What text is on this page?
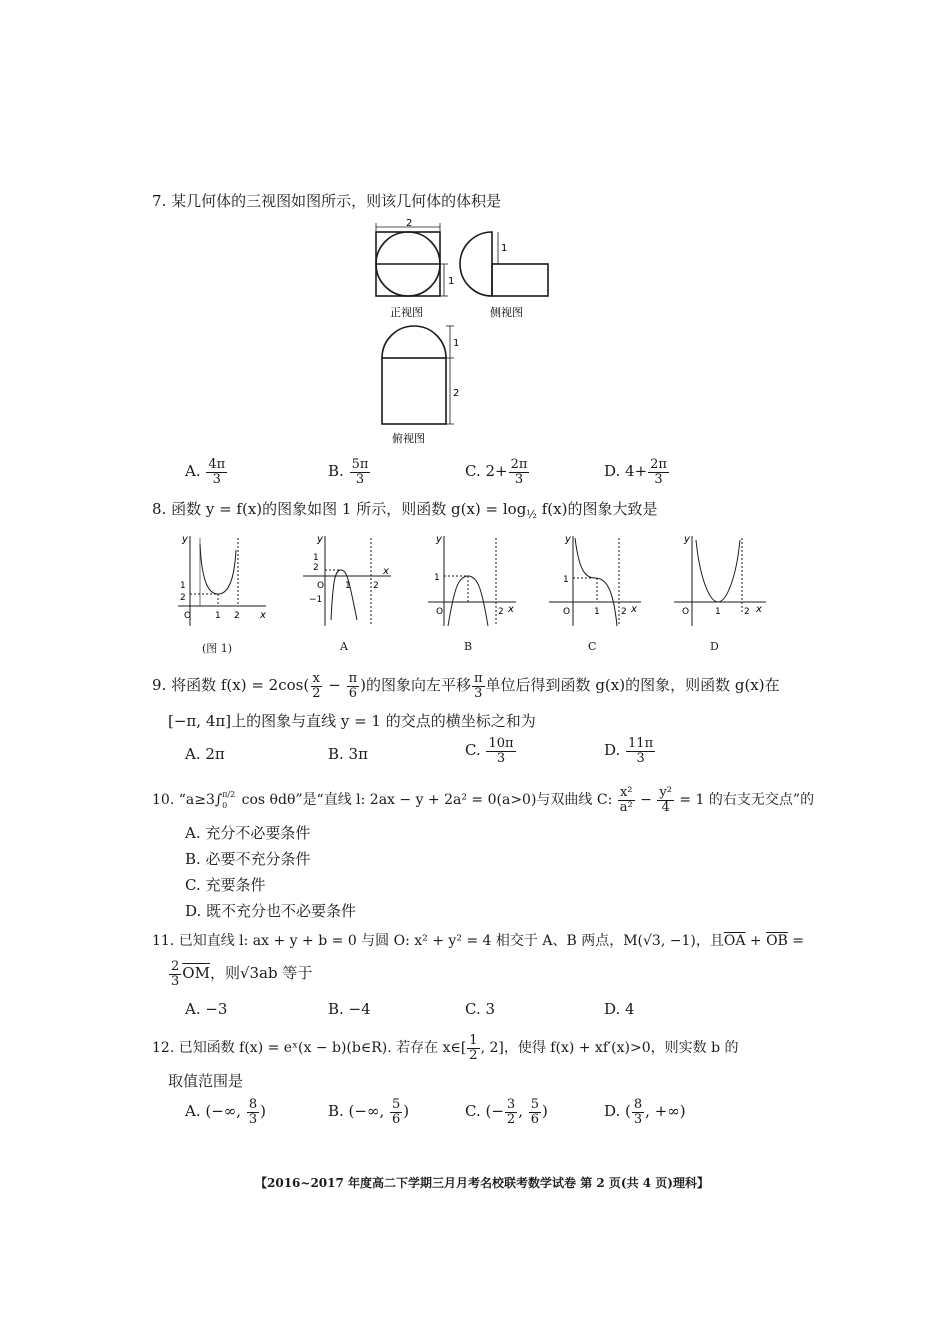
7. 某几何体的三视图如图所示，则该几何体的体积是
2
1
1
正视图	侧视图
1
2
俯视图
A. $\frac{4\pi}{3}$	B. $\frac{5\pi}{3}$	C. $2+ \frac{2\pi}{3}$	D. $4+ \frac{2\pi}{3}$
8. 函数 y = f(x)的图象如图 1 所示，则函数 $g(x) = \log_{\frac{1}{2}} f(x)$的图象大致是
y
x
O	1 2
1
2
(图 1)
y
x
O
1
2
−1
1 2
A
y
x
O
1
2
B
y
x
O
1
1 2
C
y
x
O	1	2
D
9. 将函数 $f(x) = 2\cos( \frac{x}{2} - \frac{\pi}{6}$ )的图象向左平移 $\frac{\pi}{3}$ 单位后得到函数 g(x)的图象，则函数 g(x)在
[−π, 4π]上的图象与直线 y = 1 的交点的横坐标之和为
A. 2π	B. 3π	C. $\frac{10\pi}{3}$	D. $\frac{11\pi}{3}$
10. “a≥3∫ π/2
0 cos θdθ”是“直线 l: 2ax − y + 2a² = 0(a>0)与双曲线 C: $\frac{\text{x²}}{\text{a²}} - \frac{\text{y²}}{4} = 1$ 的右支无交点”的
A. 充分不必要条件
B. 必要不充分条件
C. 充要条件
D. 既不充分也不必要条件
11. 已知直线 l: ax + y + b = 0 与圆 O: x² + y² = 4 相交于 A、B 两点，M(√3, −1)，且$\overline{OA} + \overline{OB}$ =
$\frac{2}{3} \overline{OM}$，则√3ab 等于
A. −3	B. −4	C. 3	D. 4
12. 已知函数 f(x) = eˣ(x − b)(b∈R). 若存在 x∈[ $\frac{1}{2}$ , 2]，使得 f(x) + xf′(x)>0，则实数 b 的
取值范围是
A. (−∞, $\frac{8}{3}$ )	B. (−∞, $\frac{5}{6}$ )	C. (− $\frac{3}{2}$ , $\frac{5}{6}$ )	D. ( $\frac{8}{3}$ , +∞)
【2016~2017 年度高二下学期三月月考名校联考数学试卷 第 2 页(共 4 页)理科】
